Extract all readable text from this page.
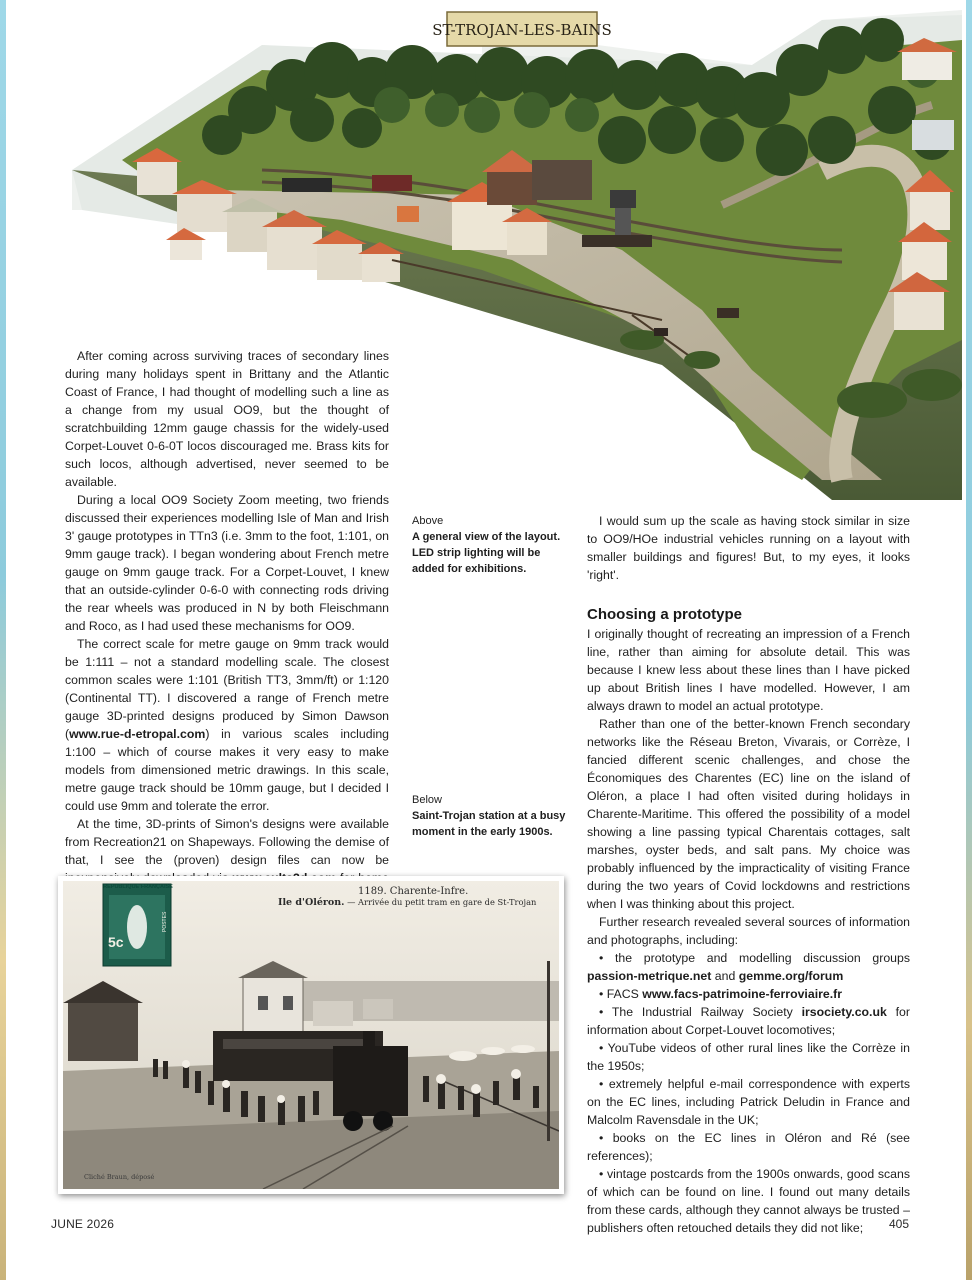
ST-TROJAN-LES-BAINS

After coming across surviving traces of secondary lines during many holidays spent in Brittany and the Atlantic Coast of France, I had thought of modelling such a line as a change from my usual OO9, but the thought of scratchbuilding 12mm gauge chassis for the widely-used Corpet-Louvet 0-6-0T locos discouraged me. Brass kits for such locos, although advertised, never seemed to be available.

During a local OO9 Society Zoom meeting, two friends discussed their experiences modelling Isle of Man and Irish 3' gauge prototypes in TTn3 (i.e. 3mm to the foot, 1:101, on 9mm gauge track). I began wondering about French metre gauge on 9mm gauge track. For a Corpet-Louvet, I knew that an outside-cylinder 0-6-0 with connecting rods driving the rear wheels was produced in N by both Fleischmann and Roco, as I had used these mechanisms for OO9.

The correct scale for metre gauge on 9mm track would be 1:111 – not a standard modelling scale. The closest common scales were 1:101 (British TT3, 3mm/ft) or 1:120 (Continental TT). I discovered a range of French metre gauge 3D-printed designs produced by Simon Dawson (www.rue-d-etropal.com) in various scales including 1:100 – which of course makes it very easy to make models from dimensioned metric drawings. In this scale, metre gauge track should be 10mm gauge, but I decided I could use 9mm and tolerate the error.

At the time, 3D-prints of Simon's designs were available from Recreation21 on Shapeways. Following the demise of that, I see the (proven) design files can now be

Above
A general view of the layout. LED strip lighting will be added for exhibitions.
Below
Saint-Trojan station at a busy moment in the early 1900s.

I would sum up the scale as having stock similar in size to OO9/HOe industrial vehicles running on a layout with smaller buildings and figures! But, to my eyes, it looks 'right'.

Choosing a prototype

I originally thought of recreating an impression of a French line, rather than aiming for absolute detail. This was because I knew less about these lines than I have picked up about British lines I have modelled. However, I am always drawn to model an actual prototype.

Rather than one of the better-known French secondary networks like the Réseau Breton, Vivarais, or Corrèze, I fancied different scenic challenges, and chose the Économiques des Charentes (EC) line on the island of Oléron, a place I had often visited during holidays in Charente-Maritime. This offered the possibility of a model showing a line passing typical Charentais cottages, salt marshes, oyster beds, and salt pans. My choice was probably influenced by the impracticality of visiting France during the two years of Covid lockdowns and restrictions when I was thinking about this project.

Further research revealed several sources of information and photographs, including:

• the prototype and modelling discussion groups passion-metrique.net and gemme.org/forum

• FACS www.facs-patrimoine-ferroviaire.fr

• The Industrial Railway Society irsociety.co.uk for information about Corpet-Louvet locomotives;

• YouTube videos of other rural lines like the Corrèze in the 1950s;

• extremely helpful e-mail correspondence with experts on the EC lines, including Patrick Deludin in France and Malcolm Ravensdale in the UK;

• books on the EC lines in Oléron and Ré (see references);

• vintage postcards from the 1900s onwards, good scans of which can be found on line. I found out many details from these cards, although they cannot always be trusted – publishers often retouched details they did not like;

REPUBLIQUE FRANÇAISE
5c
POSTES
1189. Charente-Infre.
Ile d'Oléron. — Arrivée du petit tram en gare de St-Trojan
Cliché Braun, déposé
JUNE 2026	405
